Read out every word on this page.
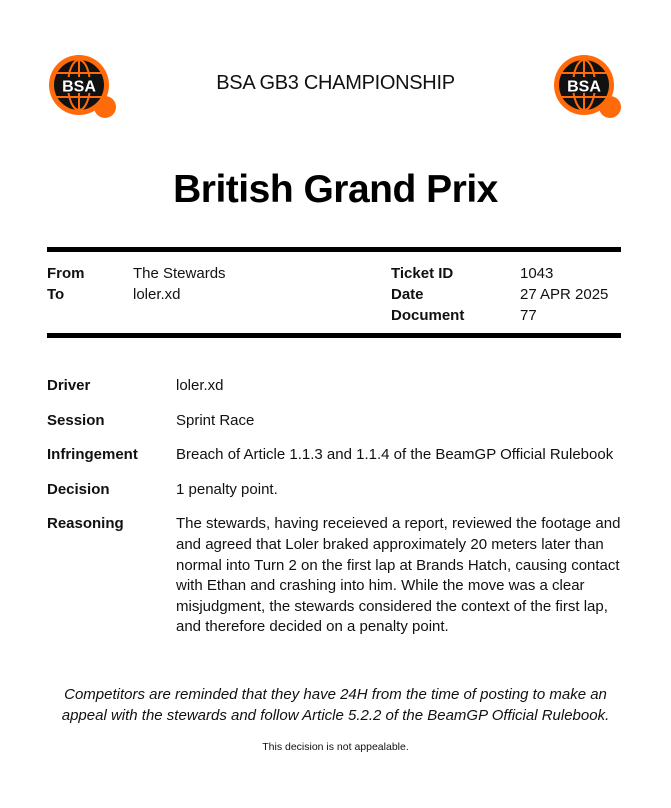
BSA	BSA
BSA GB3 CHAMPIONSHIP
British Grand Prix
From	The Stewards
To	loler.xd
Ticket ID	1043
Date	27 APR 2025
Document	77
Driver	loler.xd
Session	Sprint Race
Infringement	Breach of Article 1.1.3 and 1.1.4 of the BeamGP Official Rulebook
Decision	1 penalty point.
Reasoning	The stewards, having receieved a report, reviewed the footage and and agreed that Loler braked approximately 20 meters later than normal into Turn 2 on the first lap at Brands Hatch, causing contact with Ethan and crashing into him. While the move was a clear misjudgment, the stewards considered the context of the first lap, and therefore decided on a penalty point.
Competitors are reminded that they have 24H from the time of posting to make an appeal with the stewards and follow Article 5.2.2 of the BeamGP Official Rulebook.
This decision is not appealable.
